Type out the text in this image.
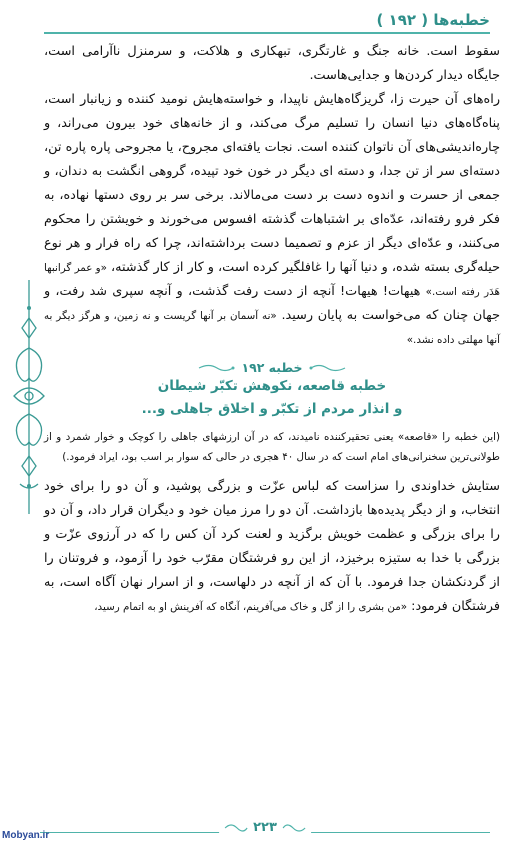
خطبه‌ها ( ۱۹۲ )

سقوط است. خانه جنگ و غارتگری، تبهکاری و هلاکت، و سرمنزل ناآرامی است، جایگاه دیدار کردن‌ها و جدایی‌هاست.

راه‌های آن حیرت زا، گریزگاه‌هایش ناپیدا، و خواسته‌هایش نومید کننده و زیانبار است، پناه‌گاه‌های دنیا انسان را تسلیم مرگ می‌کند، و از خانه‌های خود بیرون می‌راند، و چاره‌اندیشی‌های آن ناتوان کننده است. نجات یافته‌ای مجروح، یا مجروحی پاره پاره تن، دسته‌ای سر از تن جدا، و دسته ای دیگر در خون خود تپیده، گروهی انگشت به دندان، و جمعی از حسرت و اندوه دست بر دست می‌مالاند. برخی سر بر روی دستها نهاده، به فکر فرو رفته‌اند، عدّه‌ای بر اشتباهات گذشته افسوس می‌خورند و خویشتن را محکوم می‌کنند، و عدّه‌ای دیگر از عزم و تصمیما دست برداشته‌اند، چرا که راه فرار و هر نوع حیله‌گری بسته شده، و دنیا آنها را غافلگیر کرده است، و کار از کار گذشته، «و عمر گرانبها هَدَر رفته است.» هیهات! هیهات! آنچه از دست رفت گذشت، و آنچه سپری شد رفت، و جهان چنان که می‌خواست به پایان رسید. «نه آسمان بر آنها گریست و نه زمین، و هرگز دیگر به آنها مهلتی داده نشد.»

خطبه ۱۹۲
خطبه قاصعه، نکوهش تکبّر شیطان
و انذار مردم از تکبّر و اخلاق جاهلی و...

(این خطبه را «قاصعه» یعنی تحقیرکننده نامیدند، که در آن ارزشهای جاهلی را کوچک و خوار شمرد و از طولانی‌ترین سخنرانی‌های امام است که در سال ۴۰ هجری در حالی که سوار بر اسب بود، ایراد فرمود.)

ستایش خداوندی را سزاست که لباس عزّت و بزرگی پوشید، و آن دو را برای خود انتخاب، و از دیگر پدیده‌ها بازداشت. آن دو را مرز میان خود و دیگران قرار داد، و آن دو را برای بزرگی و عظمت خویش برگزید و لعنت کرد آن کس را که در آرزوی عزّت و بزرگی با خدا به ستیزه برخیزد، از این رو فرشتگان مقرّب خود را آزمود، و فروتنان را از گردنکشان جدا فرمود. با آن که از آنچه در دلهاست، و از اسرار نهان آگاه است، به فرشتگان فرمود: «من بشری را از گل و خاک می‌آفرینم، آنگاه که آفرینش او به اتمام رسید،

۲۲۳
Mobyan.ir
